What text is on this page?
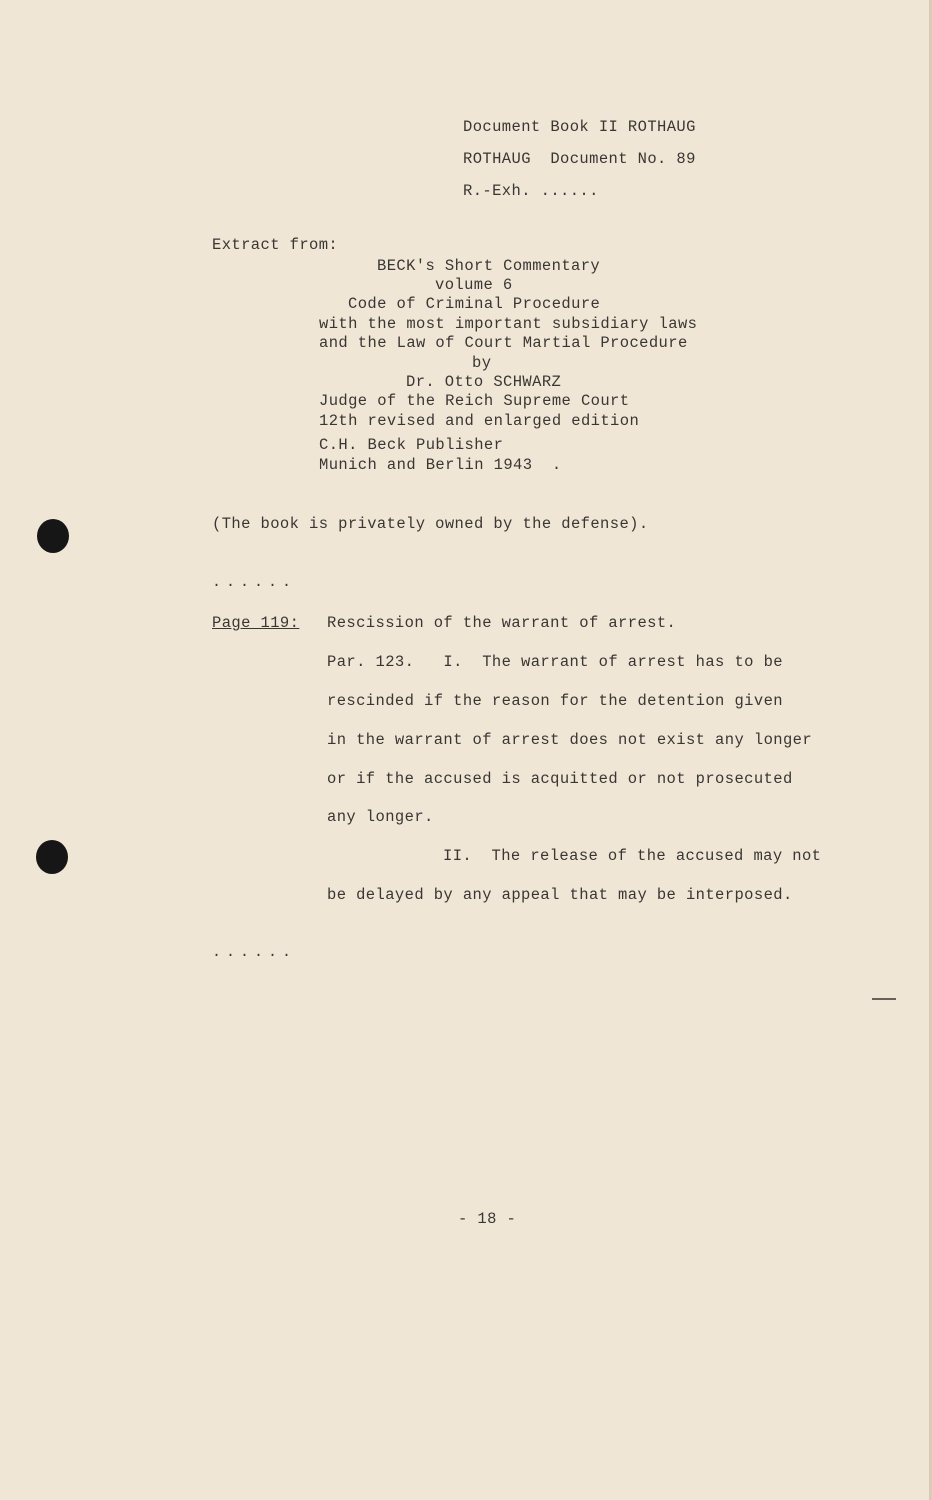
Document Book II ROTHAUG
ROTHAUG  Document No. 89
R.-Exh. ......
Extract from:
BECK's Short Commentary
volume 6
Code of Criminal Procedure
with the most important subsidiary laws
and the Law of Court Martial Procedure
by
Dr. Otto SCHWARZ
Judge of the Reich Supreme Court
12th revised and enlarged edition
C.H. Beck Publisher
Munich and Berlin 1943  .
(The book is privately owned by the defense).
......
Page 119: Rescission of the warrant of arrest.
Par. 123.   I.  The warrant of arrest has to be
rescinded if the reason for the detention given
in the warrant of arrest does not exist any longer
or if the accused is acquitted or not prosecuted
any longer.
II.  The release of the accused may not
be delayed by any appeal that may be interposed.
......
- 18 -
